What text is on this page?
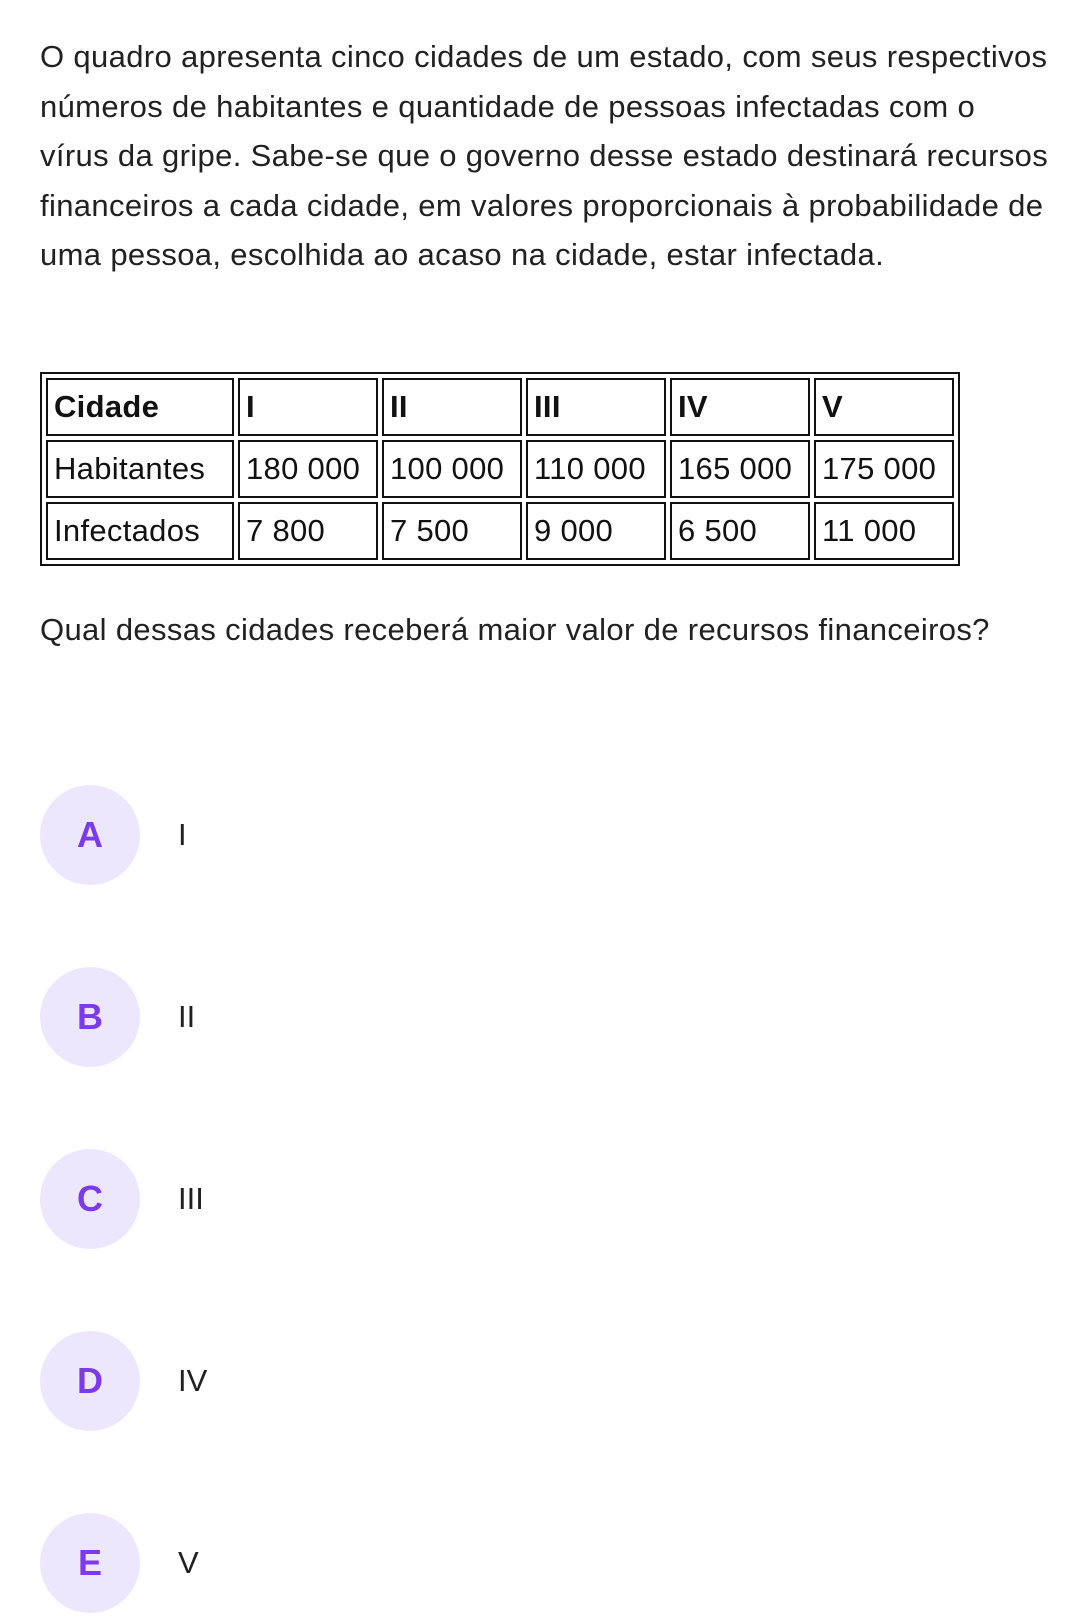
O quadro apresenta cinco cidades de um estado, com seus respectivos números de habitantes e quantidade de pessoas infectadas com o vírus da gripe. Sabe-se que o governo desse estado destinará recursos financeiros a cada cidade, em valores proporcionais à probabilidade de uma pessoa, escolhida ao acaso na cidade, estar infectada.

Cidade	I	II	III	IV	V
Habitantes	180 000	100 000	110 000	165 000	175 000
Infectados	7 800	7 500	9 000	6 500	11 000

Qual dessas cidades receberá maior valor de recursos financeiros?

A	I
B	II
C	III
D	IV
E	V
